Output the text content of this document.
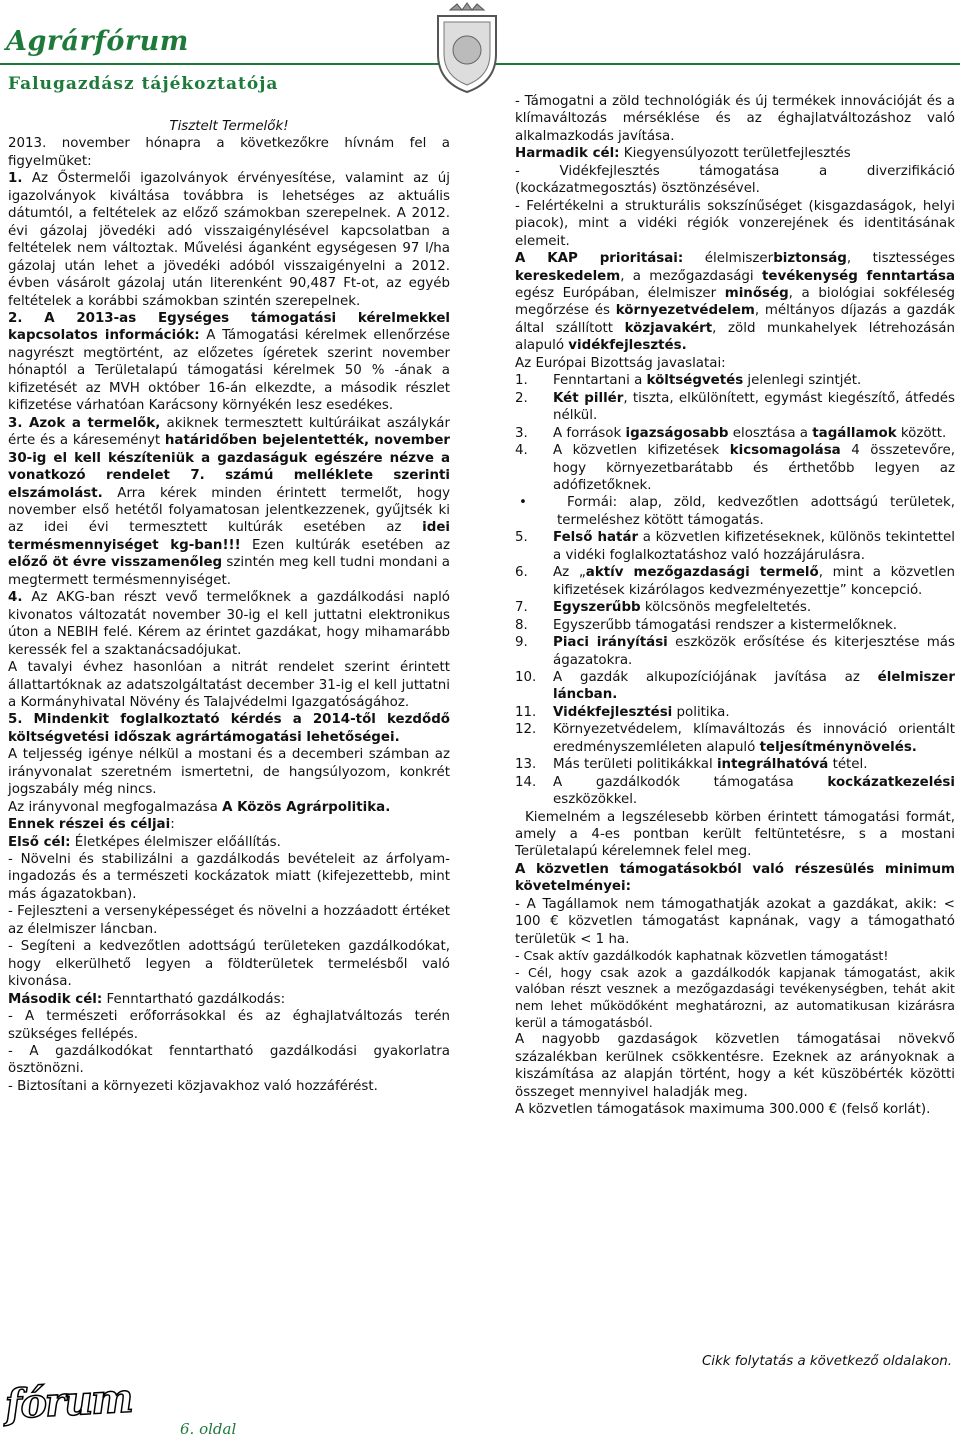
Agrárfórum
Falugazdász tájékoztatója

Tisztelt Termelők!

2013. november hónapra a következőkre hívnám fel a figyelmüket:

1. Az Őstermelői igazolványok érvényesítése, valamint az új igazolványok kiváltása továbbra is lehetséges az aktuális dátumtól, a feltételek az előző számokban szerepelnek. A 2012. évi gázolaj jövedéki adó visszaigénylésével kapcsolatban a feltételek nem változtak. Művelési áganként egységesen 97 l/ha gázolaj után lehet a jövedéki adóból visszaigényelni a 2012. évben vásárolt gázolaj után literenként 90,487 Ft-ot, az egyéb feltételek a korábbi számokban szintén szerepelnek.

2. A 2013-as Egységes támogatási kérelmekkel kapcsolatos információk: A Támogatási kérelmek ellenőrzése nagyrészt megtörtént, az előzetes ígéretek szerint november hónaptól a Területalapú támogatási kérelmek 50 % -ának a kifizetését az MVH október 16-án elkezdte, a második részlet kifizetése várhatóan Karácsony környékén lesz esedékes.

3. Azok a termelők, akiknek termesztett kultúráikat aszálykár érte és a káreseményt határidőben bejelentették, november 30-ig el kell készíteniük a gazdaságuk egészére nézve a vonatkozó rendelet 7. számú melléklete szerinti elszámolást. Arra kérek minden érintett termelőt, hogy november első hetétől folyamatosan jelentkezzenek, gyűjtsék ki az idei évi termesztett kultúrák esetében az idei termésmennyiséget kg-ban!!! Ezen kultúrák esetében az előző öt évre visszamenőleg szintén meg kell tudni mondani a megtermett termésmennyiséget.

4. Az AKG-ban részt vevő termelőknek a gazdálkodási napló kivonatos változatát november 30-ig el kell juttatni elektronikus úton a NEBIH felé. Kérem az érintet gazdákat, hogy mihamarább keressék fel a szaktanácsadójukat.

A tavalyi évhez hasonlóan a nitrát rendelet szerint érintett állattartóknak az adatszolgáltatást december 31-ig el kell juttatni a Kormányhivatal Növény és Talajvédelmi Igazgatóságához.

5. Mindenkit foglalkoztató kérdés a 2014-től kezdődő költségvetési időszak agrártámogatási lehetőségei.

A teljesség igénye nélkül a mostani és a decemberi számban az irányvonalat szeretném ismertetni, de hangsúlyozom, konkrét jogszabály még nincs.

Az irányvonal megfogalmazása A Közös Agrárpolitika.

Ennek részei és céljai:

Első cél: Életképes élelmiszer előállítás.

- Növelni és stabilizálni a gazdálkodás bevételeit az árfolyam-ingadozás és a természeti kockázatok miatt (kifejezettebb, mint más ágazatokban).

- Fejleszteni a versenyképességet és növelni a hozzáadott értéket az élelmiszer láncban.

- Segíteni a kedvezőtlen adottságú területeken gazdálkodókat, hogy elkerülhető legyen a földterületek termelésből való kivonása.

Második cél: Fenntartható gazdálkodás:

- A természeti erőforrásokkal és az éghajlatváltozás terén szükséges fellépés.

- A gazdálkodókat fenntartható gazdálkodási gyakorlatra ösztönözni.

- Biztosítani a környezeti közjavakhoz való hozzáférést.

- Támogatni a zöld technológiák és új termékek innovációját és a klímaváltozás mérséklése és az éghajlatváltozáshoz való alkalmazkodás javítása.

Harmadik cél: Kiegyensúlyozott területfejlesztés

- Vidékfejlesztés támogatása a diverzifikáció (kockázatmegosztás) ösztönzésével.

- Felértékelni a strukturális sokszínűséget (kisgazdaságok, helyi piacok), mint a vidéki régiók vonzerejének és identitásának elemeit.

A KAP prioritásai: élelmiszerbiztonság, tisztességes kereskedelem, a mezőgazdasági tevékenység fenntartása egész Európában, élelmiszer minőség, a biológiai sokféleség megőrzése és környezetvédelem, méltányos díjazás a gazdák által szállított közjavakért, zöld munkahelyek létrehozásán alapuló vidékfejlesztés.

Az Európai Bizottság javaslatai:

1.	Fenntartani a költségvetés jelenlegi szintjét.
2.	Két pillér, tiszta, elkülönített, egymást kiegészítő, átfedés nélkül.
3.	A források igazságosabb elosztása a tagállamok között.
4.	A közvetlen kifizetések kicsomagolása 4 összetevőre, hogy környezetbarátabb és érthetőbb legyen az adófizetőknek.
•	Formái: alap, zöld, kedvezőtlen adottságú területek, termeléshez kötött támogatás.
5.	Felső határ a közvetlen kifizetéseknek, különös tekintettel a vidéki foglalkoztatáshoz való hozzájárulásra.
6.	Az „aktív mezőgazdasági termelő, mint a közvetlen kifizetések kizárólagos kedvezményezettje” koncepció.
7.	Egyszerűbb kölcsönös megfeleltetés.
8.	Egyszerűbb támogatási rendszer a kistermelőknek.
9.	Piaci irányítási eszközök erősítése és kiterjesztése más ágazatokra.
10.	A gazdák alkupozíciójának javítása az élelmiszer láncban.
11.	Vidékfejlesztési politika.
12.	Környezetvédelem, klímaváltozás és innováció orientált eredményszemléleten alapuló teljesítménynövelés.
13.	Más területi politikákkal integrálhatóvá tétel.
14.	A gazdálkodók támogatása kockázatkezelési eszközökkel.

Kiemelném a legszélesebb körben érintett támogatási formát, amely a 4-es pontban került feltüntetésre, s a mostani Területalapú kérelemnek felel meg.

A közvetlen támogatásokból való részesülés minimum követelményei:

- A Tagállamok nem támogathatják azokat a gazdákat, akik: < 100 € közvetlen támogatást kapnának, vagy a támogatható területük < 1 ha.

- Csak aktív gazdálkodók kaphatnak közvetlen támogatást!

- Cél, hogy csak azok a gazdálkodók kapjanak támogatást, akik valóban részt vesznek a mezőgazdasági tevékenységben, tehát akit nem lehet működőként meghatározni, az automatikusan kizárásra kerül a támogatásból.

A nagyobb gazdaságok közvetlen támogatásai növekvő százalékban kerülnek csökkentésre. Ezeknek az arányoknak a kiszámítása az alapján történt, hogy a két küszöbérték közötti összeget mennyivel haladják meg.

A közvetlen támogatások maximuma 300.000 € (felső korlát).

Cikk folytatás a következő oldalakon.
fórum
6. oldal
